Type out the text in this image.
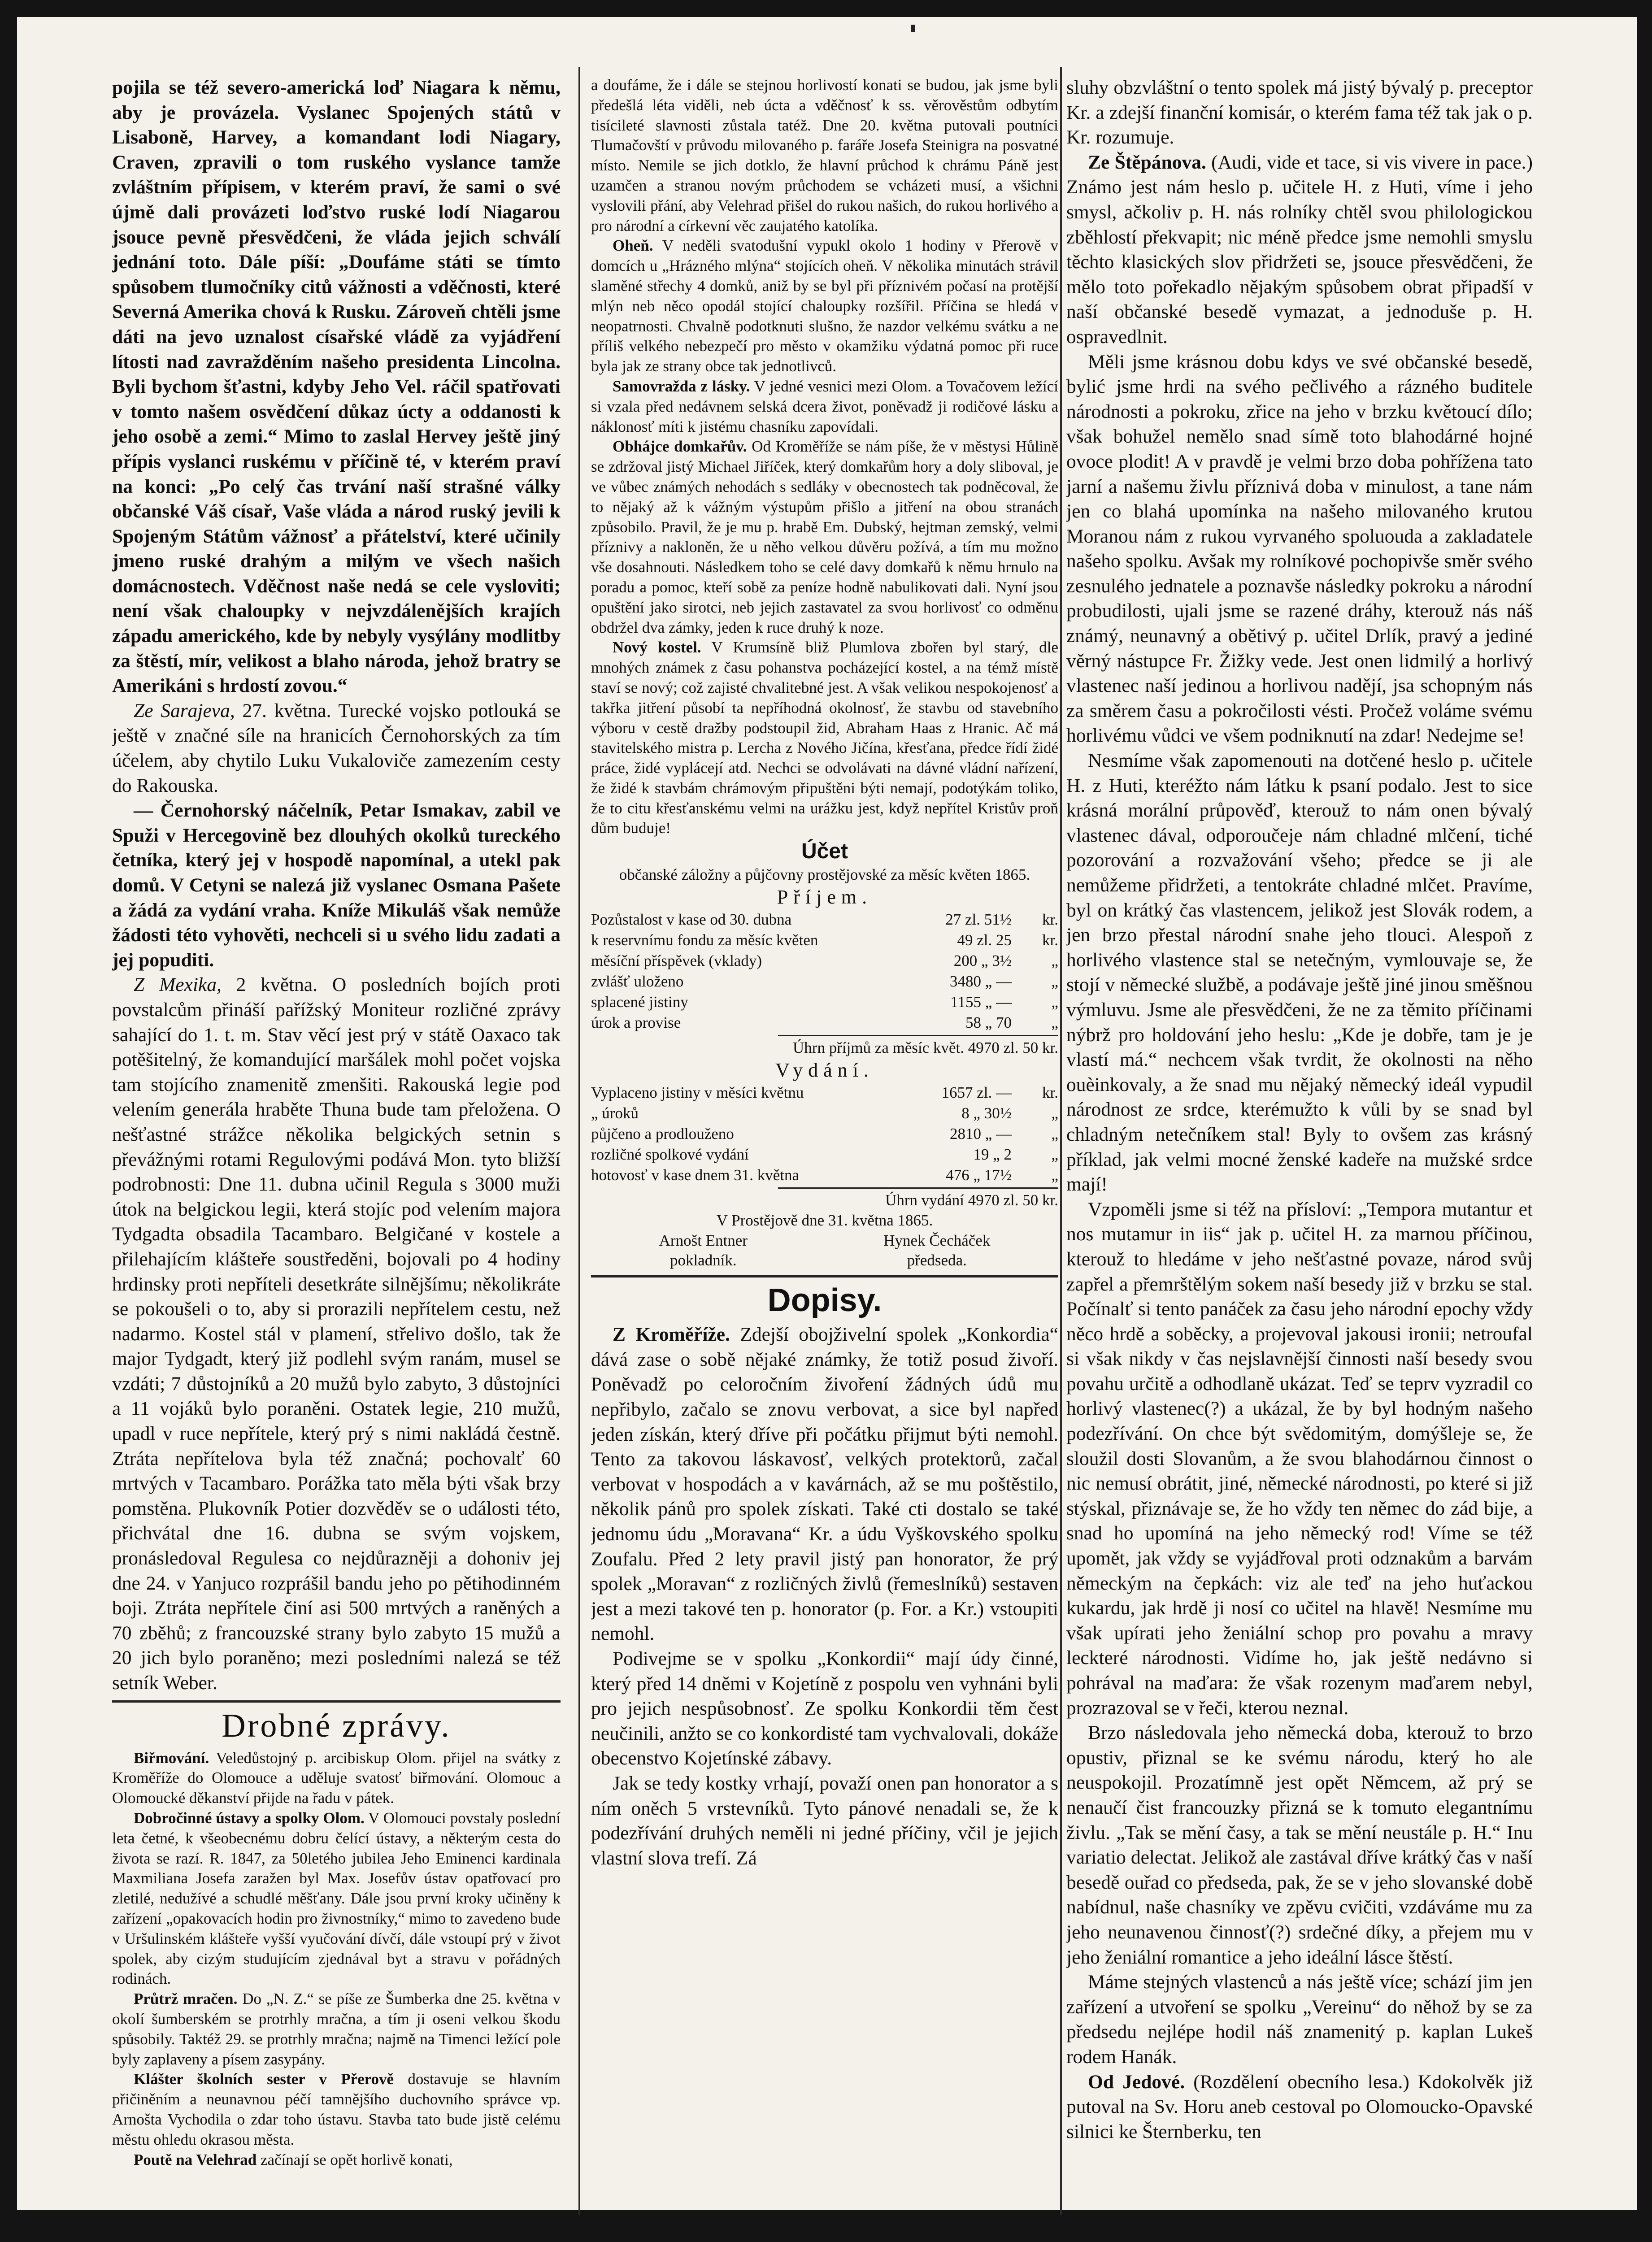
pojila se též severo-americká loď Niagara k němu, aby je provázela. Vyslanec Spojených států v Lisaboně, Harvey, a komandant lodi Niagary, Craven, zpravili o tom ruského vyslance tamže zvláštním přípisem, v kterém praví, že sami o své újmě dali provázeti loďstvo ruské lodí Niagarou jsouce pevně přesvědčeni, že vláda jejich schválí jednání toto. Dále píší: „Doufáme státi se tímto spůsobem tlumočníky citů vážnosti a vděčnosti, které Severná Amerika chová k Rusku. Zároveň chtěli jsme dáti na jevo uznalost císařské vládě za vyjádření lítosti nad zavražděním našeho presidenta Lincolna. Byli bychom šťastni, kdyby Jeho Vel. ráčil spatřovati v tomto našem osvědčení důkaz úcty a oddanosti k jeho osobě a zemi.“ Mimo to zaslal Hervey ještě jiný přípis vyslanci ruskému v příčině té, v kterém praví na konci: „Po celý čas trvání naší strašné války občanské Váš císař, Vaše vláda a národ ruský jevili k Spojeným Státům vážnosť a přátelství, které učinily jmeno ruské drahým a milým ve všech našich domácnostech. Vděčnost naše nedá se cele vysloviti; není však chaloupky v nejvzdálenějších krajích západu amerického, kde by nebyly vysýlány modlitby za štěstí, mír, velikost a blaho národa, jehož bratry se Amerikáni s hrdostí zovou.“

Ze Sarajeva, 27. května. Turecké vojsko potlouká se ještě v značné síle na hranicích Černohorských za tím účelem, aby chytilo Luku Vukaloviče zamezením cesty do Rakouska.

— Černohorský náčelník, Petar Ismakav, zabil ve Spuži v Hercegovině bez dlouhých okolků tureckého četníka, který jej v hospodě napomínal, a utekl pak domů. V Cetyni se nalezá již vyslanec Osmana Pašete a žádá za vydání vraha. Kníže Mikuláš však nemůže žádosti této vyhověti, nechceli si u svého lidu zadati a jej popuditi.

Z Mexika, 2 května. O posledních bojích proti povstalcům přináší pařížský Moniteur rozličné zprávy sahající do 1. t. m. Stav věcí jest prý v státě Oaxaco tak potěšitelný, že komandující maršálek mohl počet vojska tam stojícího znamenitě zmenšiti. Rakouská legie pod velením generála hraběte Thuna bude tam přeložena. O nešťastné strážce několika belgických setnin s převážnými rotami Regulovými podává Mon. tyto bližší podrobnosti: Dne 11. dubna učinil Regula s 3000 muži útok na belgickou legii, která stojíc pod velením majora Tydgadta obsadila Tacambaro. Belgičané v kostele a přilehajícím klášteře soustředěni, bojovali po 4 hodiny hrdinsky proti nepříteli desetkráte silnějšímu; několikráte se pokoušeli o to, aby si prorazili nepřítelem cestu, než nadarmo. Kostel stál v plamení, střelivo došlo, tak že major Tydgadt, který již podlehl svým ranám, musel se vzdáti; 7 důstojníků a 20 mužů bylo zabyto, 3 důstojníci a 11 vojáků bylo poraněni. Ostatek legie, 210 mužů, upadl v ruce nepřítele, který prý s nimi nakládá čestně. Ztráta nepřítelova byla též značná; pochovalť 60 mrtvých v Tacambaro. Porážka tato měla býti však brzy pomstěna. Plukovník Potier dozvěděv se o události této, přichvátal dne 16. dubna se svým vojskem, pronásledoval Regulesa co nejdůrazněji a dohoniv jej dne 24. v Yanjuco rozprášil bandu jeho po pětihodinném boji. Ztráta nepřítele činí asi 500 mrtvých a raněných a 70 zběhů; z francouzské strany bylo zabyto 15 mužů a 20 jich bylo poraněno; mezi posledními nalezá se též setník Weber.

Drobné zprávy.

Biřmování. Veledůstojný p. arcibiskup Olom. přijel na svátky z Kroměříže do Olomouce a uděluje svatosť biřmování. Olomouc a Olomoucké děkanství přijde na řadu v pátek.

Dobročinné ústavy a spolky Olom. V Olomouci povstaly poslední leta četné, k všeobecnému dobru čelící ústavy, a některým cesta do života se razí. R. 1847, za 50letého jubilea Jeho Eminenci kardinala Maxmiliana Josefa zaražen byl Max. Josefův ústav opatřovací pro zletilé, nedužívé a schudlé měšťany. Dále jsou první kroky učiněny k zařízení „opakovacích hodin pro živnostníky,“ mimo to zavedeno bude v Uršulinském klášteře vyšší vyučování dívčí, dále vstoupí prý v život spolek, aby cizým studujícím zjednával byt a stravu v pořádných rodinách.

Průtrž mračen. Do „N. Z.“ se píše ze Šumberka dne 25. května v okolí šumberském se protrhly mračna, a tím ji oseni velkou škodu spůsobily. Taktéž 29. se protrhly mračna; najmě na Timenci ležící pole byly zaplaveny a písem zasypány.

Klášter školních sester v Přerově dostavuje se hlavním přičiněním a neunavnou péčí tamnějšího duchovního správce vp. Arnošta Vychodila o zdar toho ústavu. Stavba tato bude jistě celému městu ohledu okrasou města.

Poutě na Velehrad začínají se opět horlivě konati,

a doufáme, že i dále se stejnou horlivostí konati se budou, jak jsme byli předešlá léta viděli, neb úcta a vděčnosť k ss. věrověstům odbytím tisícileté slavnosti zůstala tatéž. Dne 20. května putovali poutníci Tlumačovští v průvodu milovaného p. faráře Josefa Steinigra na posvatné místo. Nemile se jich dotklo, že hlavní průchod k chrámu Páně jest uzamčen a stranou novým průchodem se vcházeti musí, a všichni vyslovili přání, aby Velehrad přišel do rukou našich, do rukou horlivého a pro národní a církevní věc zaujatého katolíka.

Oheň. V neděli svatodušní vypukl okolo 1 hodiny v Přerově v domcích u „Hrázného mlýna“ stojících oheň. V několika minutách strávil slaměné střechy 4 domků, aniž by se byl při příznivém počasí na protější mlýn neb něco opodál stojící chaloupky rozšířil. Příčina se hledá v neopatrnosti. Chvalně podotknuti slušno, že nazdor velkému svátku a ne příliš velkého nebezpečí pro město v okamžiku výdatná pomoc při ruce byla jak ze strany obce tak jednotlivců.

Samovražda z lásky. V jedné vesnici mezi Olom. a Tovačovem ležící si vzala před nedávnem selská dcera život, poněvadž ji rodičové lásku a náklonosť míti k jistému chasníku zapovídali.

Obhájce domkařův. Od Kroměříže se nám píše, že v městysi Hůlině se zdržoval jistý Michael Jiříček, který domkařům hory a doly sliboval, je ve vůbec známých nehodách s sedláky v obecnostech tak podněcoval, že to nějaký až k vážným výstupům přišlo a jitření na obou stranách způsobilo. Pravil, že je mu p. hrabě Em. Dubský, hejtman zemský, velmi příznivy a nakloněn, že u něho velkou důvěru požívá, a tím mu možno vše dosahnouti. Následkem toho se celé davy domkařů k němu hrnulo na poradu a pomoc, kteří sobě za peníze hodně nabulikovati dali. Nyní jsou opuštění jako sirotci, neb jejich zastavatel za svou horlivosť co odměnu obdržel dva zámky, jeden k ruce druhý k noze.

Nový kostel. V Krumsíně bliž Plumlova zbořen byl starý, dle mnohých známek z času pohanstva pocházející kostel, a na témž místě staví se nový; což zajisté chvalitebné jest. A však velikou nespokojenosť a takřka jitření působí ta nepříhodná okolnosť, že stavbu od stavebního výboru v cestě dražby podstoupil žid, Abraham Haas z Hranic. Ač má stavitelského mistra p. Lercha z Nového Jičína, křesťana, předce řídí židé práce, židé vyplácejí atd. Nechci se odvolávati na dávné vládní nařízení, že židé k stavbám chrámovým připuštěni býti nemají, podotýkám toliko, že to citu křesťanskému velmi na urážku jest, když nepřítel Kristův proň dům buduje!

Účet
občanské záložny a půjčovny prostějovské za měsíc květen 1865.
Příjem.
Pozůstalost v kase od 30. dubna	27 zl. 51½	kr.
k reservnímu fondu za měsíc květen	49 zl. 25	kr.
měsíční příspěvek (vklady)	200 „ 3½	„
zvlášť uloženo	3480 „ —	„
splacené jistiny	1155 „ —	„
úrok a provise	58 „ 70	„
Úhrn příjmů za měsíc květ. 4970 zl. 50 kr.
Vydání.
Vyplaceno jistiny v měsíci květnu	1657 zl. —	kr.
„ úroků	8 „ 30½	„
půjčeno a prodlouženo	2810 „ —	„
rozličné spolkové vydání	19 „ 2	„
hotovosť v kase dnem 31. května	476 „ 17½	„
Úhrn vydání 4970 zl. 50 kr.

V Prostějově dne 31. května 1865.

Arnošt Entner
pokladník.
Hynek Čecháček
předseda.
Dopisy.

Z Kroměříže. Zdejší obojživelní spolek „Konkordia“ dává zase o sobě nějaké známky, že totiž posud živoří. Poněvadž po celoročním živoření žádných údů mu nepřibylo, začalo se znovu verbovat, a sice byl napřed jeden získán, který dříve při počátku přijmut býti nemohl. Tento za takovou láskavosť, velkých protektorů, začal verbovat v hospodách a v kavárnách, až se mu poštěstilo, několik pánů pro spolek získati. Také cti dostalo se také jednomu údu „Moravana“ Kr. a údu Vyškovského spolku Zoufalu. Před 2 lety pravil jistý pan honorator, že prý spolek „Moravan“ z rozličných živlů (řemeslníků) sestaven jest a mezi takové ten p. honorator (p. For. a Kr.) vstoupiti nemohl.

Podivejme se v spolku „Konkordii“ mají údy činné, který před 14 dněmi v Kojetíně z pospolu ven vyhnáni byli pro jejich nespůsobnosť. Ze spolku Konkordii těm čest neučinili, anžto se co konkordisté tam vychvalovali, dokáže obecenstvo Kojetínské zábavy.

Jak se tedy kostky vrhají, považí onen pan honorator a s ním oněch 5 vrstevníků. Tyto pánové nenadali se, že k podezřívání druhých neměli ni jedné příčiny, včil je jejich vlastní slova trefí. Zá

sluhy obzvláštní o tento spolek má jistý bývalý p. preceptor Kr. a zdejší finanční komisár, o kterém fama též tak jak o p. Kr. rozumuje.

Ze Štěpánova. (Audi, vide et tace, si vis vivere in pace.) Známo jest nám heslo p. učitele H. z Huti, víme i jeho smysl, ačkoliv p. H. nás rolníky chtěl svou philologickou zběhlostí překvapit; nic méně předce jsme nemohli smyslu těchto klasických slov přidržeti se, jsouce přesvědčeni, že mělo toto pořekadlo nějakým spůsobem obrat připadší v naší občanské besedě vymazat, a jednoduše p. H. ospravedlnit.

Měli jsme krásnou dobu kdys ve své občanské besedě, bylić jsme hrdi na svého pečlivého a rázného buditele národnosti a pokroku, zřice na jeho v brzku květoucí dílo; však bohužel nemělo snad símě toto blahodárné hojné ovoce plodit! A v pravdě je velmi brzo doba pohřížena tato jarní a našemu živlu příznivá doba v minulost, a tane nám jen co blahá upomínka na našeho milovaného krutou Moranou nám z rukou vyrvaného spoluouda a zakladatele našeho spolku. Avšak my rolníkové pochopivše směr svého zesnulého jednatele a poznavše následky pokroku a národní probudilosti, ujali jsme se razené dráhy, kterouž nás náš známý, neunavný a obětivý p. učitel Drlík, pravý a jediné věrný nástupce Fr. Žižky vede. Jest onen lidmilý a horlivý vlastenec naší jedinou a horlivou nadějí, jsa schopným nás za směrem času a pokročilosti vésti. Pročež voláme svému horlivému vůdci ve všem podniknutí na zdar! Nedejme se!

Nesmíme však zapomenouti na dotčené heslo p. učitele H. z Huti, kteréžto nám látku k psaní podalo. Jest to sice krásná morální průpověď, kterouž to nám onen bývalý vlastenec dával, odporoučeje nám chladné mlčení, tiché pozorování a rozvažování všeho; předce se ji ale nemůžeme přidržeti, a tentokráte chladné mlčet. Pravíme, byl on krátký čas vlastencem, jelikož jest Slovák rodem, a jen brzo přestal národní snahe jeho tlouci. Alespoň z horlivého vlastence stal se netečným, vymlouvaje se, že stojí v německé službě, a podávaje ještě jiné jinou směšnou výmluvu. Jsme ale přesvědčeni, že ne za těmito příčinami nýbrž pro holdování jeho heslu: „Kde je dobře, tam je je vlastí má.“ nechcem však tvrdit, že okolnosti na něho ouèinkovaly, a že snad mu nějaký německý ideál vypudil národnost ze srdce, kterémužto k vůli by se snad byl chladným netečníkem stal! Byly to ovšem zas krásný příklad, jak velmi mocné ženské kadeře na mužské srdce mají!

Vzpoměli jsme si též na přísloví: „Tempora mutantur et nos mutamur in iis“ jak p. učitel H. za marnou příčinou, kterouž to hledáme v jeho nešťastné povaze, národ svůj zapřel a přemrštělým sokem naší besedy již v brzku se stal. Počínalť si tento panáček za času jeho národní epochy vždy něco hrdě a soběcky, a projevoval jakousi ironii; netroufal si však nikdy v čas nejslavnější činnosti naší besedy svou povahu určitě a odhodlaně ukázat. Teď se teprv vyzradil co horlivý vlastenec(?) a ukázal, že by byl hodným našeho podezřívání. On chce být svědomitým, domýšleje se, že sloužil dosti Slovanům, a že svou blahodárnou činnost o nic nemusí obrátit, jiné, německé národnosti, po které si již stýskal, přiznávaje se, že ho vždy ten němec do zád bije, a snad ho upomíná na jeho německý rod! Víme se též upomět, jak vždy se vyjádřoval proti odznakům a barvám německým na čepkách: viz ale teď na jeho huťackou kukardu, jak hrdě ji nosí co učitel na hlavě! Nesmíme mu však upírati jeho ženiální schop pro povahu a mravy leckteré národnosti. Vidíme ho, jak ještě nedávno si pohrával na maďara: že však rozenym maďarem nebyl, prozrazoval se v řeči, kterou neznal.

Brzo následovala jeho německá doba, kterouž to brzo opustiv, přiznal se ke svému národu, který ho ale neuspokojil. Prozatímně jest opět Němcem, až prý se nenaučí čist francouzky přizná se k tomuto elegantnímu živlu. „Tak se mění časy, a tak se mění neustále p. H.“ Inu variatio delectat. Jelikož ale zastával dříve krátký čas v naší besedě ouřad co předseda, pak, že se v jeho slovanské době nabídnul, naše chasníky ve zpěvu cvičiti, vzdáváme mu za jeho neunavenou činnosť(?) srdečné díky, a přejem mu v jeho ženiální romantice a jeho ideální lásce štěstí.

Máme stejných vlastenců a nás ještě více; schází jim jen zařízení a utvoření se spolku „Vereinu“ do něhož by se za předsedu nejlépe hodil náš znamenitý p. kaplan Lukeš rodem Hanák.

Od Jedové. (Rozdělení obecního lesa.) Kdokolvěk již putoval na Sv. Horu aneb cestoval po Olomoucko-Opavské silnici ke Šternberku, ten
